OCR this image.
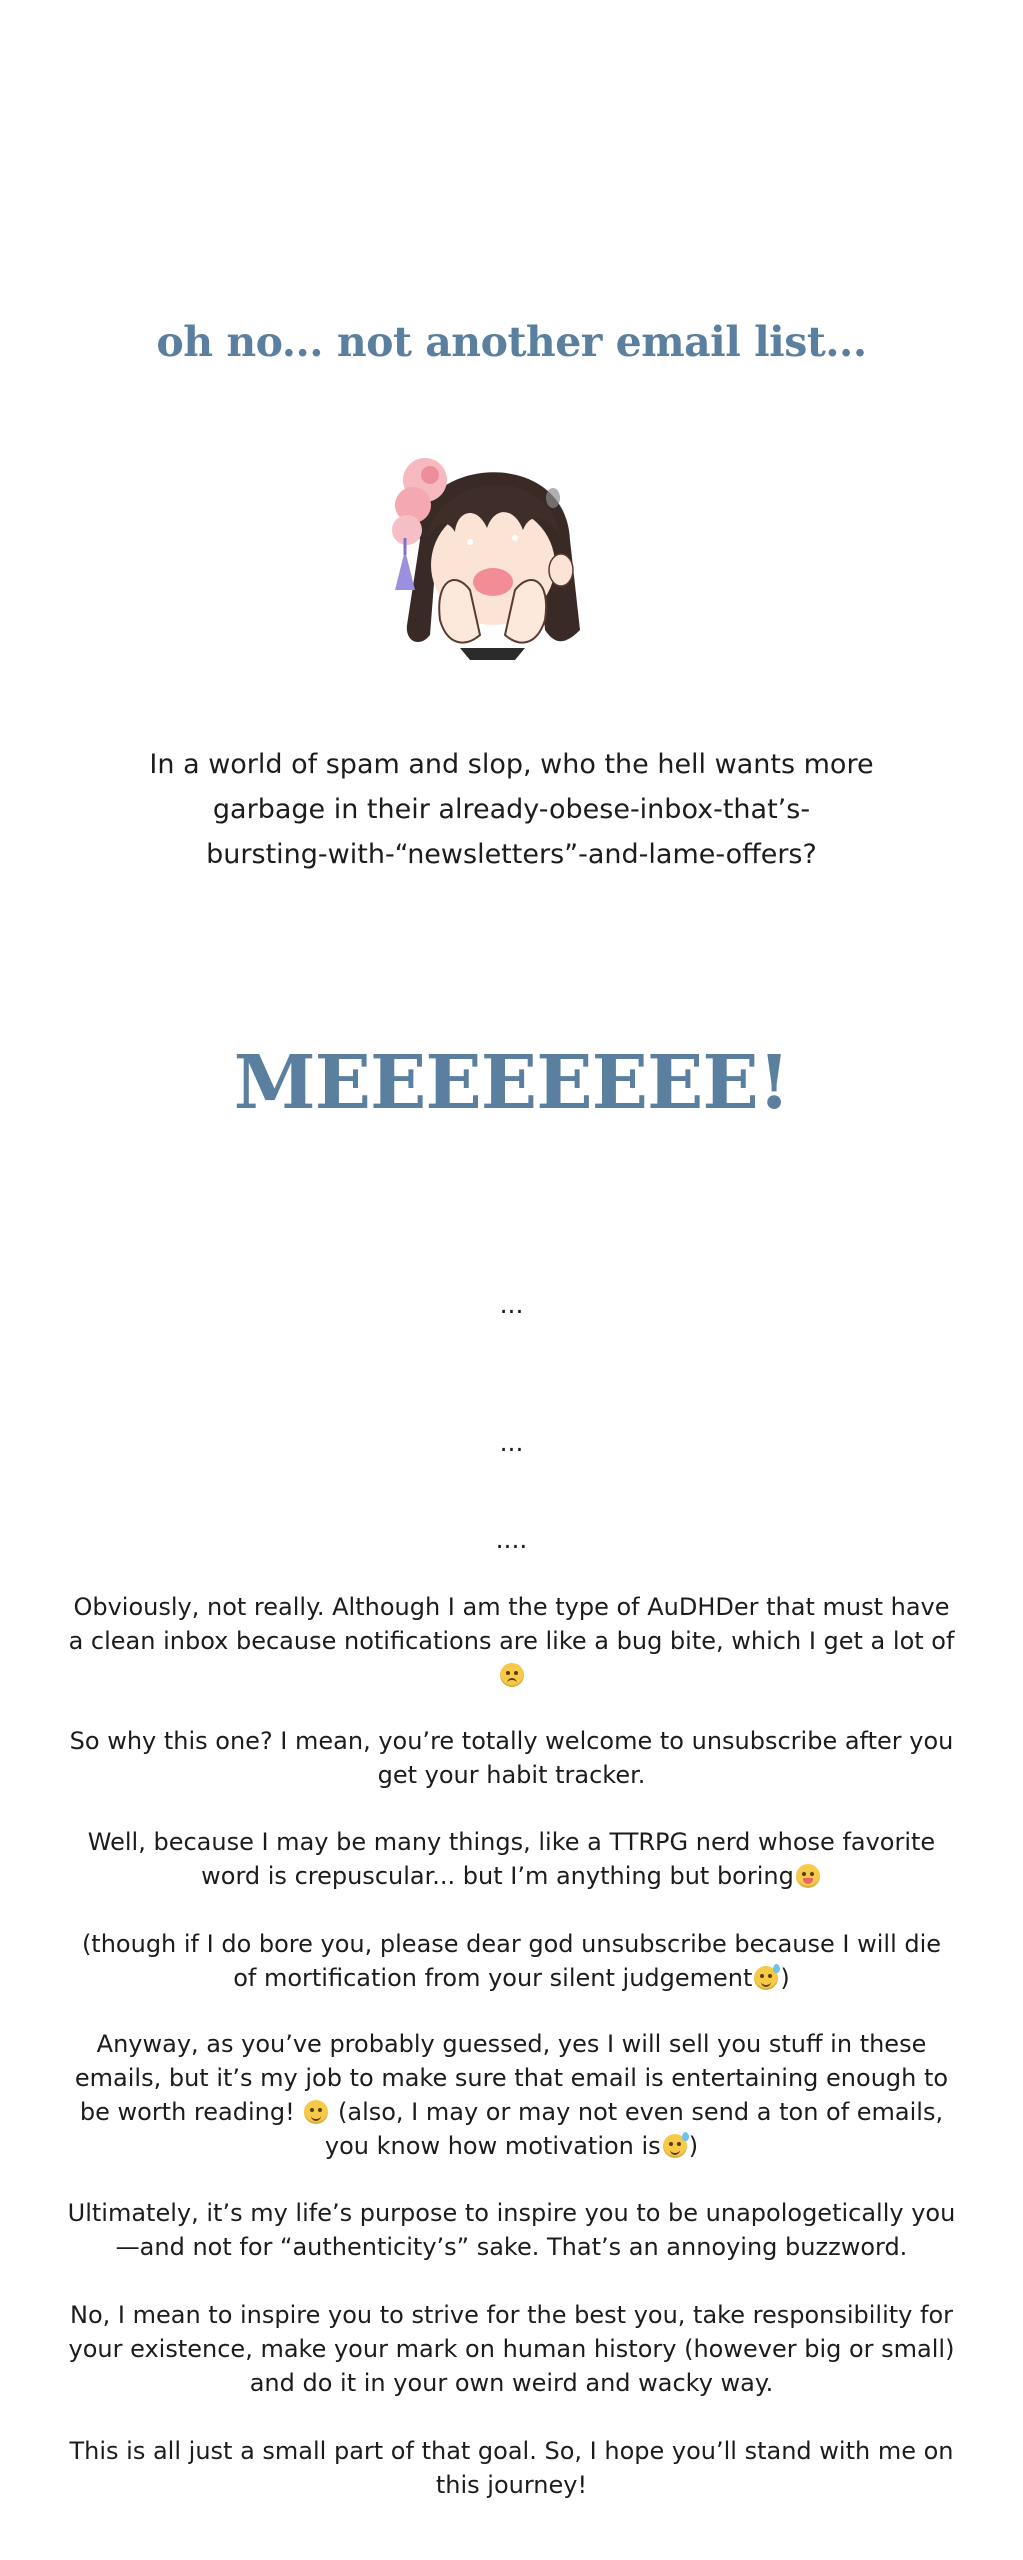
oh no... not another email list...

In a world of spam and slop, who the hell wants more
garbage in their already-obese-inbox-that’s-
bursting-with-“newsletters”-and-lame-offers?

MEEEEEEEE!

...

...

....

Obviously, not really. Although I am the type of AuDHDer that must have
a clean inbox because notifications are like a bug bite, which I get a lot of

So why this one? I mean, you’re totally welcome to unsubscribe after you
get your habit tracker.

Well, because I may be many things, like a TTRPG nerd whose favorite
word is crepuscular... but I’m anything but boring

(though if I do bore you, please dear god unsubscribe because I will die
of mortification from your silent judgement )

Anyway, as you’ve probably guessed, yes I will sell you stuff in these
emails, but it’s my job to make sure that email is entertaining enough to
be worth reading! (also, I may or may not even send a ton of emails,
you know how motivation is )

Ultimately, it’s my life’s purpose to inspire you to be unapologetically you
—and not for “authenticity’s” sake. That’s an annoying buzzword.

No, I mean to inspire you to strive for the best you, take responsibility for
your existence, make your mark on human history (however big or small)
and do it in your own weird and wacky way.

This is all just a small part of that goal. So, I hope you’ll stand with me on
this journey!
